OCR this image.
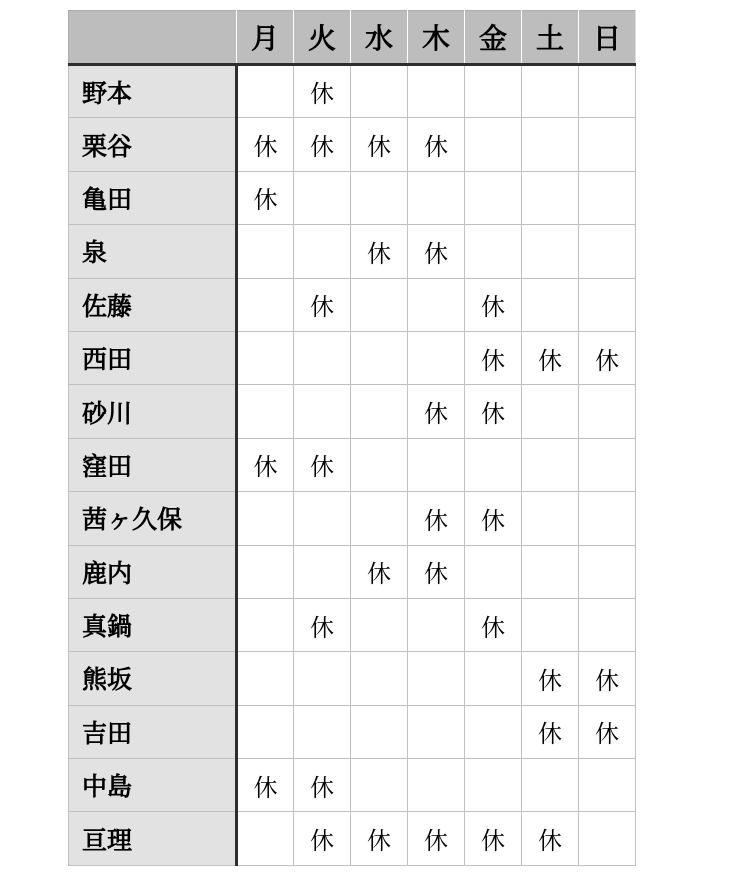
	月	火	水	木	金	土	日
野本		休					
栗谷	休	休	休	休			
亀田	休						
泉			休	休			
佐藤		休			休		
西田					休	休	休
砂川				休	休		
窪田	休	休					
茜ヶ久保				休	休		
鹿内			休	休			
真鍋		休			休		
熊坂						休	休
吉田						休	休
中島	休	休					
亘理		休	休	休	休	休	
